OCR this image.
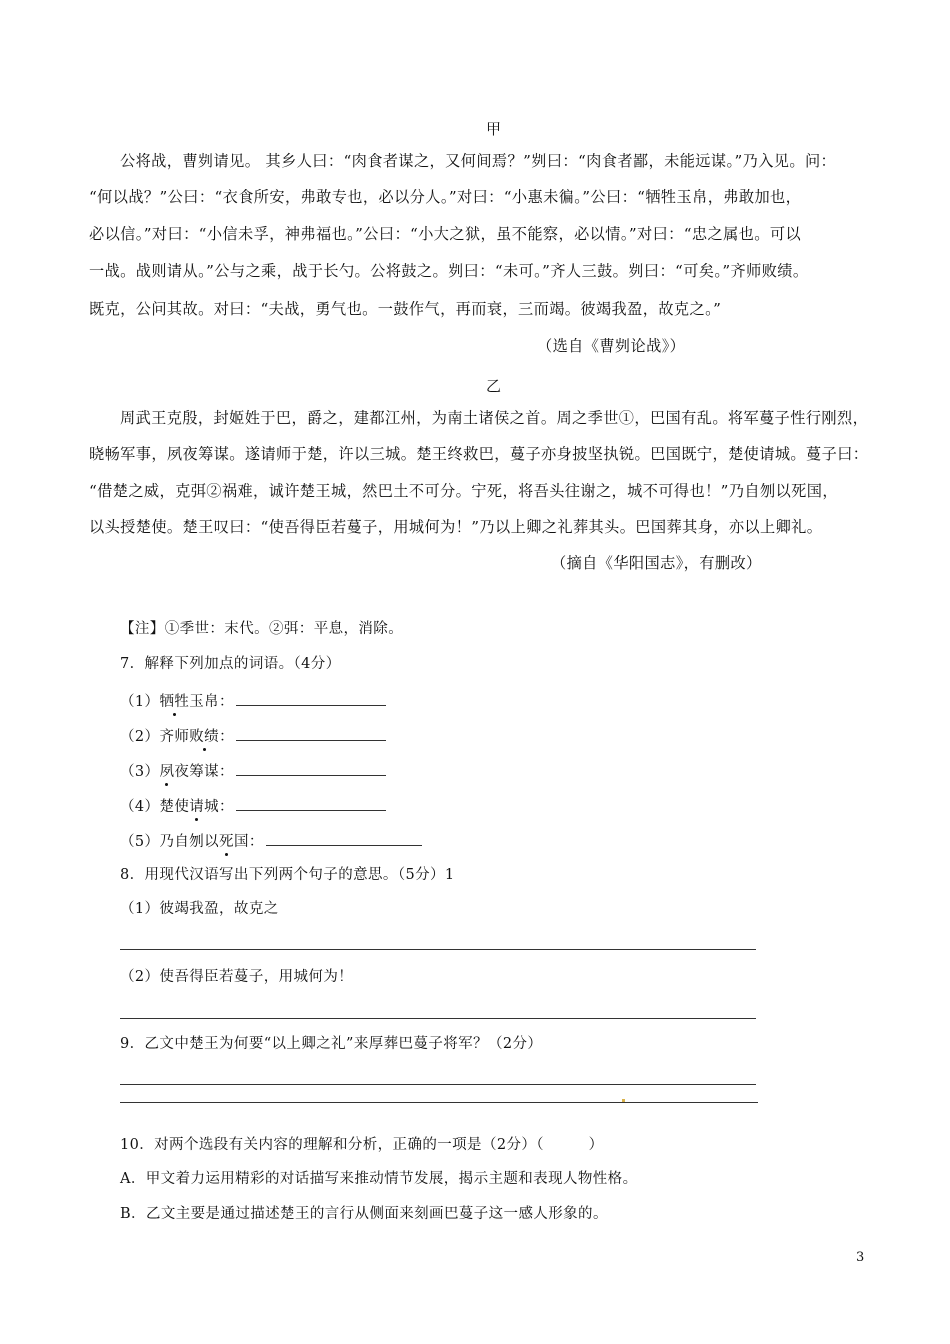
甲
公将战，曹刿请见。 其乡人曰：“肉食者谋之，又何间焉？”刿曰：“肉食者鄙，未能远谋。”乃入见。问：
“何以战？”公曰：“衣食所安，弗敢专也，必以分人。”对曰：“小惠未徧。”公曰：“牺牲玉帛，弗敢加也，
必以信。”对曰：“小信未孚，神弗福也。”公曰：“小大之狱，虽不能察，必以情。”对曰：“忠之属也。可以
一战。战则请从。”公与之乘，战于长勺。公将鼓之。刿曰：“未可。”齐人三鼓。刿曰：“可矣。”齐师败绩。
既克，公问其故。对曰：“夫战，勇气也。一鼓作气，再而衰，三而竭。彼竭我盈，故克之。”
（选自《曹刿论战》）
乙
周武王克殷，封姬姓于巴，爵之，建都江州，为南土诸侯之首。周之季世①，巴国有乱。将军蔓子性行刚烈，
晓畅军事，夙夜筹谋。遂请师于楚，许以三城。楚王终救巴，蔓子亦身披坚执锐。巴国既宁，楚使请城。蔓子曰：
“借楚之威，克弭②祸难，诚许楚王城，然巴土不可分。宁死，将吾头往谢之，城不可得也！”乃自刎以死国，
以头授楚使。楚王叹曰：“使吾得臣若蔓子，用城何为！”乃以上卿之礼葬其头。巴国葬其身，亦以上卿礼。
（摘自《华阳国志》，有删改）
【注】①季世：末代。②弭：平息，消除。
7．解释下列加点的词语。（4分）
（1）牺牲玉帛：
（2）齐师败绩：
（3）夙夜筹谋：
（4）楚使请城：
（5）乃自刎以死国：
8．用现代汉语写出下列两个句子的意思。（5分）1
（1）彼竭我盈，故克之
（2）使吾得臣若蔓子，用城何为！
9．乙文中楚王为何要“以上卿之礼”来厚葬巴蔓子将军？（2分）
10．对两个选段有关内容的理解和分析，正确的一项是（2分）（　　　）
A．甲文着力运用精彩的对话描写来推动情节发展，揭示主题和表现人物性格。
B．乙文主要是通过描述楚王的言行从侧面来刻画巴蔓子这一感人形象的。
3
